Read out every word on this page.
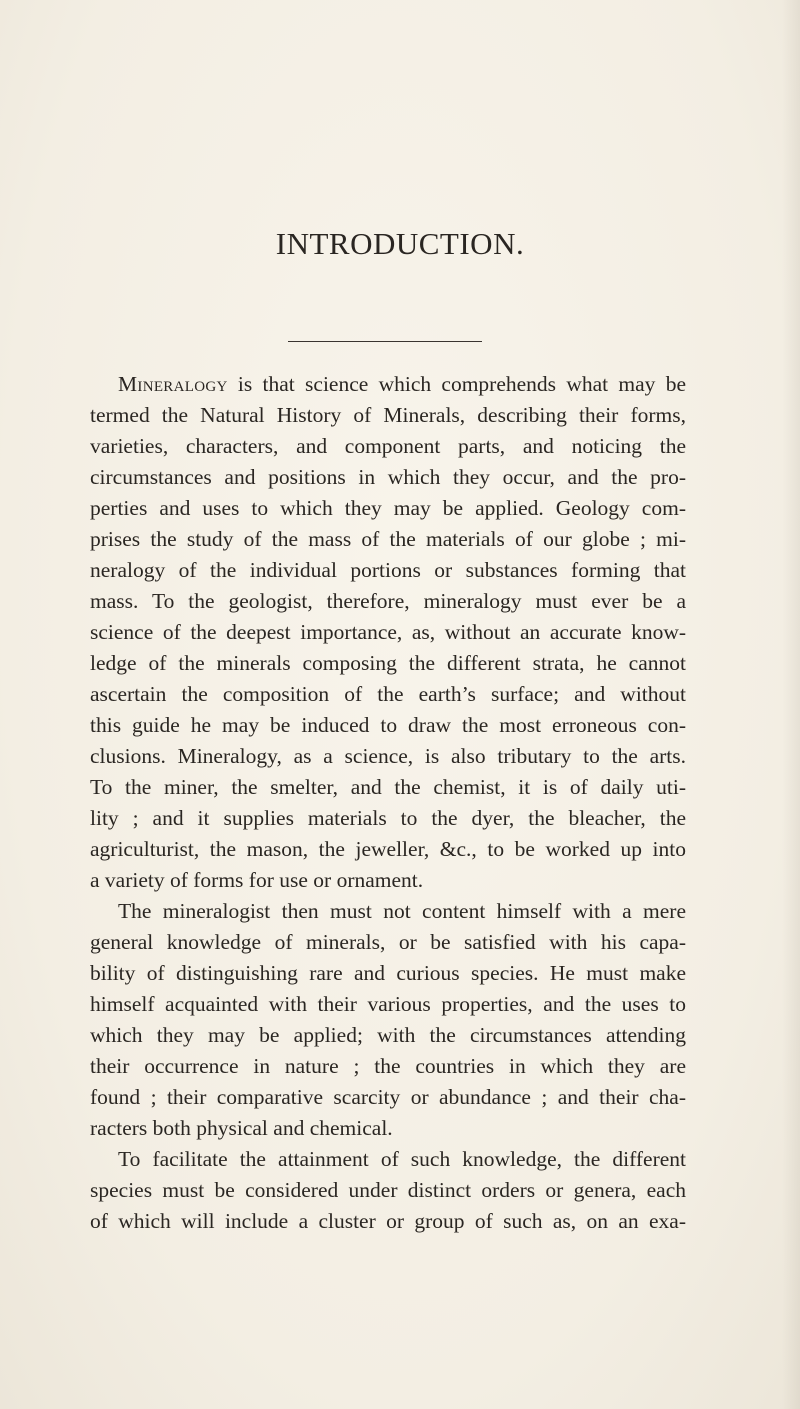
INTRODUCTION.
Mineralogy is that science which comprehends what may be
termed the Natural History of Minerals, describing their forms,
varieties, characters, and component parts, and noticing the
circumstances and positions in which they occur, and the pro-
perties and uses to which they may be applied. Geology com-
prises the study of the mass of the materials of our globe ; mi-
neralogy of the individual portions or substances forming that
mass. To the geologist, therefore, mineralogy must ever be a
science of the deepest importance, as, without an accurate know-
ledge of the minerals composing the different strata, he cannot
ascertain the composition of the earth’s surface; and without
this guide he may be induced to draw the most erroneous con-
clusions. Mineralogy, as a science, is also tributary to the arts.
To the miner, the smelter, and the chemist, it is of daily uti-
lity ; and it supplies materials to the dyer, the bleacher, the
agriculturist, the mason, the jeweller, &c., to be worked up into
a variety of forms for use or ornament.
The mineralogist then must not content himself with a mere
general knowledge of minerals, or be satisfied with his capa-
bility of distinguishing rare and curious species. He must make
himself acquainted with their various properties, and the uses to
which they may be applied; with the circumstances attending
their occurrence in nature ; the countries in which they are
found ; their comparative scarcity or abundance ; and their cha-
racters both physical and chemical.
To facilitate the attainment of such knowledge, the different
species must be considered under distinct orders or genera, each
of which will include a cluster or group of such as, on an exa-
